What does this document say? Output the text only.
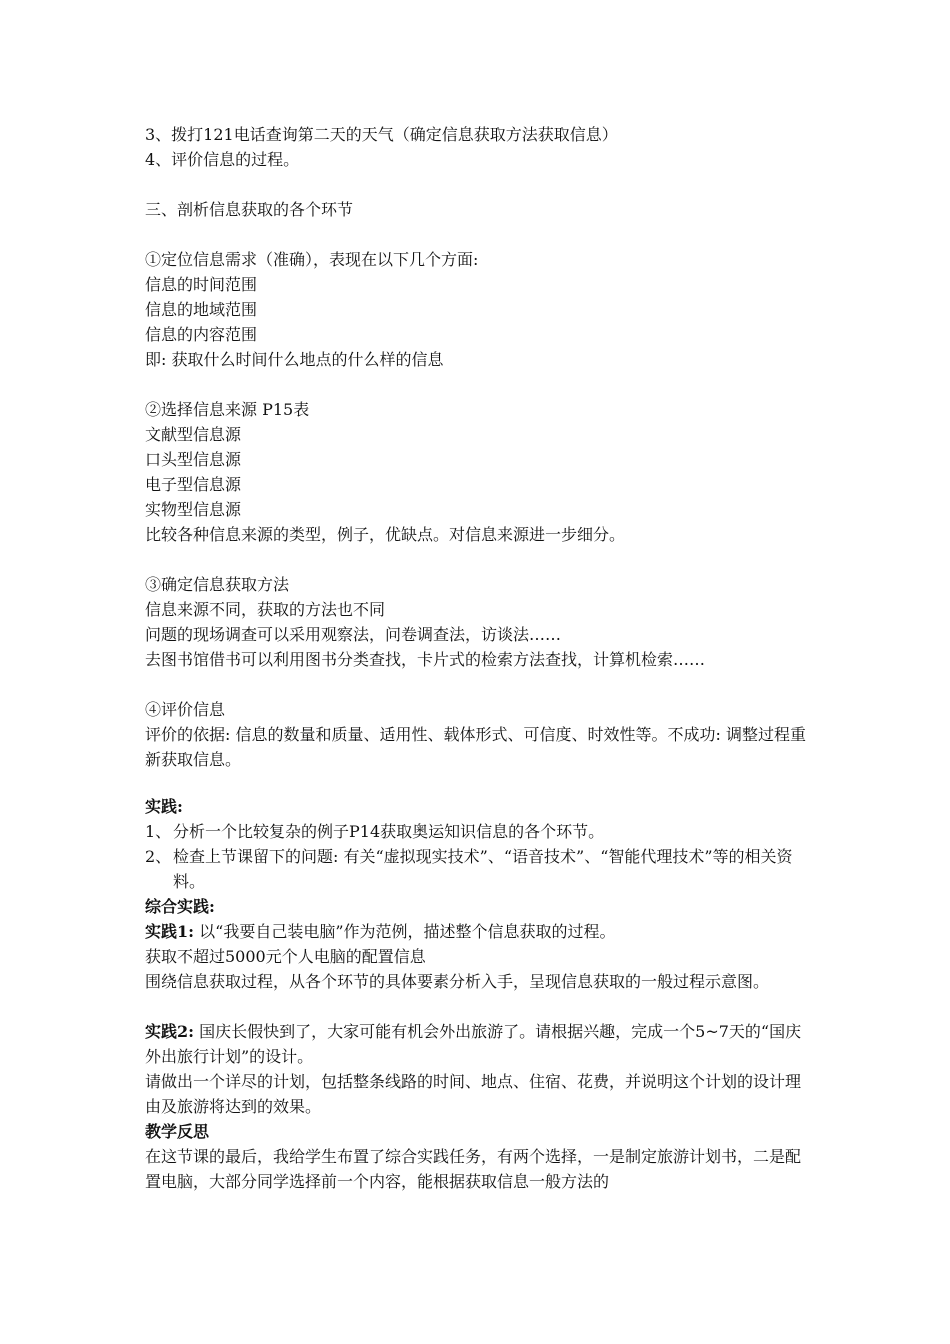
3、拨打121电话查询第二天的天气（确定信息获取方法获取信息）
4、评价信息的过程。
三、剖析信息获取的各个环节
①定位信息需求（准确），表现在以下几个方面:
信息的时间范围
信息的地域范围
信息的内容范围
即: 获取什么时间什么地点的什么样的信息
②选择信息来源 P15表
文献型信息源
口头型信息源
电子型信息源
实物型信息源
比较各种信息来源的类型，例子，优缺点。对信息来源进一步细分。
③确定信息获取方法
信息来源不同，获取的方法也不同
问题的现场调查可以采用观察法，问卷调查法，访谈法……
去图书馆借书可以利用图书分类查找，卡片式的检索方法查找，计算机检索……
④评价信息
评价的依据: 信息的数量和质量、适用性、载体形式、可信度、时效性等。不成功: 调整过程重新获取信息。
实践:
1、 分析一个比较复杂的例子P14获取奥运知识信息的各个环节。
2、 检查上节课留下的问题: 有关“虚拟现实技术”、“语音技术”、“智能代理技术”等的相关资料。
综合实践:
实践1: 以“我要自己装电脑”作为范例，描述整个信息获取的过程。
获取不超过5000元个人电脑的配置信息
围绕信息获取过程，从各个环节的具体要素分析入手，呈现信息获取的一般过程示意图。
实践2: 国庆长假快到了，大家可能有机会外出旅游了。请根据兴趣，完成一个5~7天的“国庆外出旅行计划”的设计。
请做出一个详尽的计划，包括整条线路的时间、地点、住宿、花费，并说明这个计划的设计理由及旅游将达到的效果。
教学反思
在这节课的最后，我给学生布置了综合实践任务，有两个选择，一是制定旅游计划书，二是配置电脑，大部分同学选择前一个内容，能根据获取信息一般方法的
